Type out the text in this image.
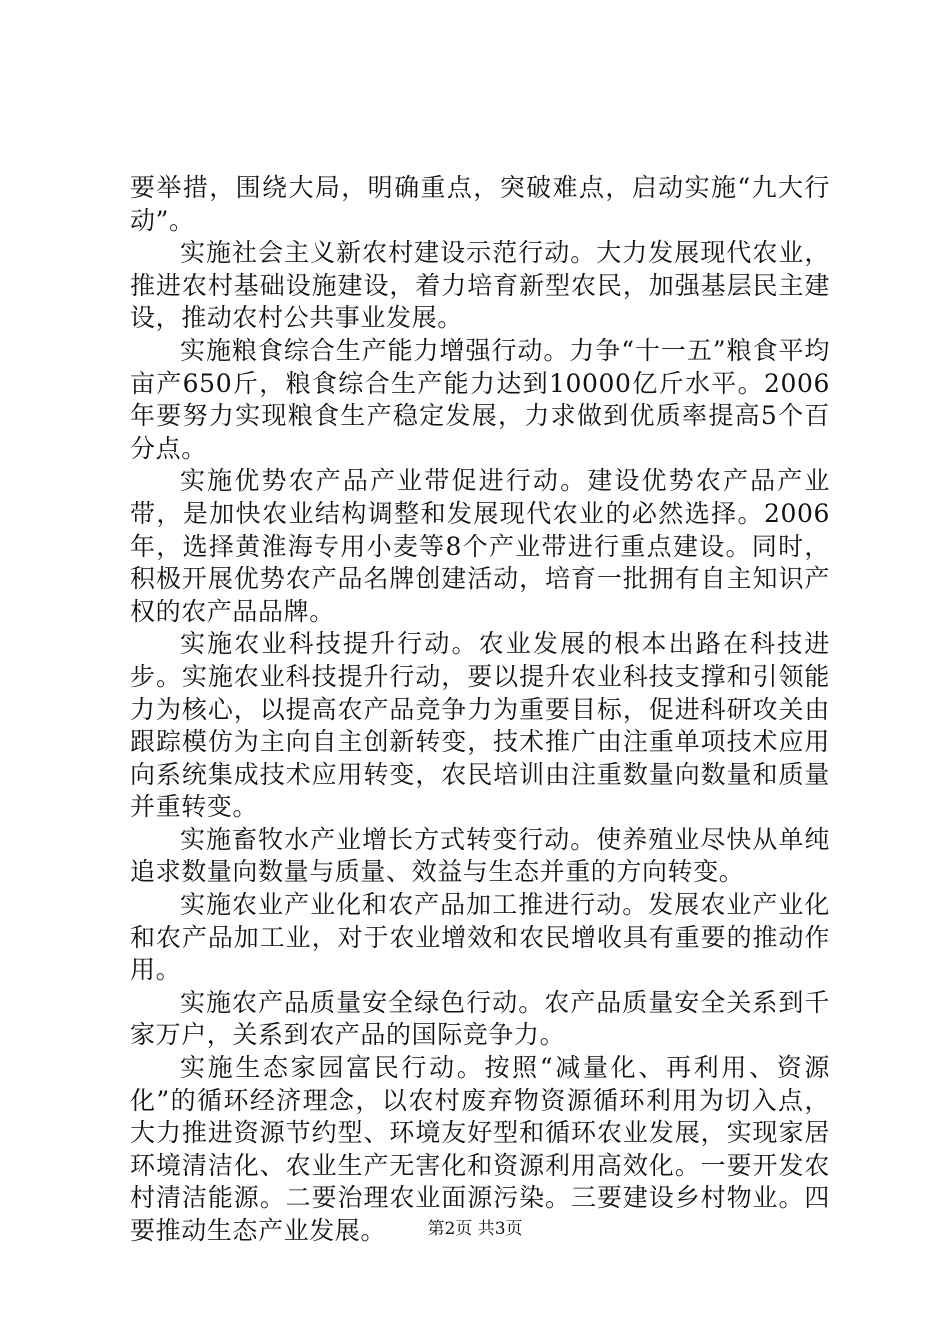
要举措，围绕大局，明确重点，突破难点，启动实施“九大行动”。

实施社会主义新农村建设示范行动。大力发展现代农业，推进农村基础设施建设，着力培育新型农民，加强基层民主建设，推动农村公共事业发展。

实施粮食综合生产能力增强行动。力争“十一五”粮食平均亩产650斤，粮食综合生产能力达到10000亿斤水平。2006年要努力实现粮食生产稳定发展，力求做到优质率提高5个百分点。

实施优势农产品产业带促进行动。建设优势农产品产业带，是加快农业结构调整和发展现代农业的必然选择。2006年，选择黄淮海专用小麦等8个产业带进行重点建设。同时，积极开展优势农产品名牌创建活动，培育一批拥有自主知识产权的农产品品牌。

实施农业科技提升行动。农业发展的根本出路在科技进步。实施农业科技提升行动，要以提升农业科技支撑和引领能力为核心，以提高农产品竞争力为重要目标，促进科研攻关由跟踪模仿为主向自主创新转变，技术推广由注重单项技术应用向系统集成技术应用转变，农民培训由注重数量向数量和质量并重转变。

实施畜牧水产业增长方式转变行动。使养殖业尽快从单纯追求数量向数量与质量、效益与生态并重的方向转变。

实施农业产业化和农产品加工推进行动。发展农业产业化和农产品加工业，对于农业增效和农民增收具有重要的推动作用。

实施农产品质量安全绿色行动。农产品质量安全关系到千家万户，关系到农产品的国际竞争力。

实施生态家园富民行动。按照“减量化、再利用、资源化”的循环经济理念，以农村废弃物资源循环利用为切入点，大力推进资源节约型、环境友好型和循环农业发展，实现家居环境清洁化、农业生产无害化和资源利用高效化。一要开发农村清洁能源。二要治理农业面源污染。三要建设乡村物业。四要推动生态产业发展。	第2页 共3页
